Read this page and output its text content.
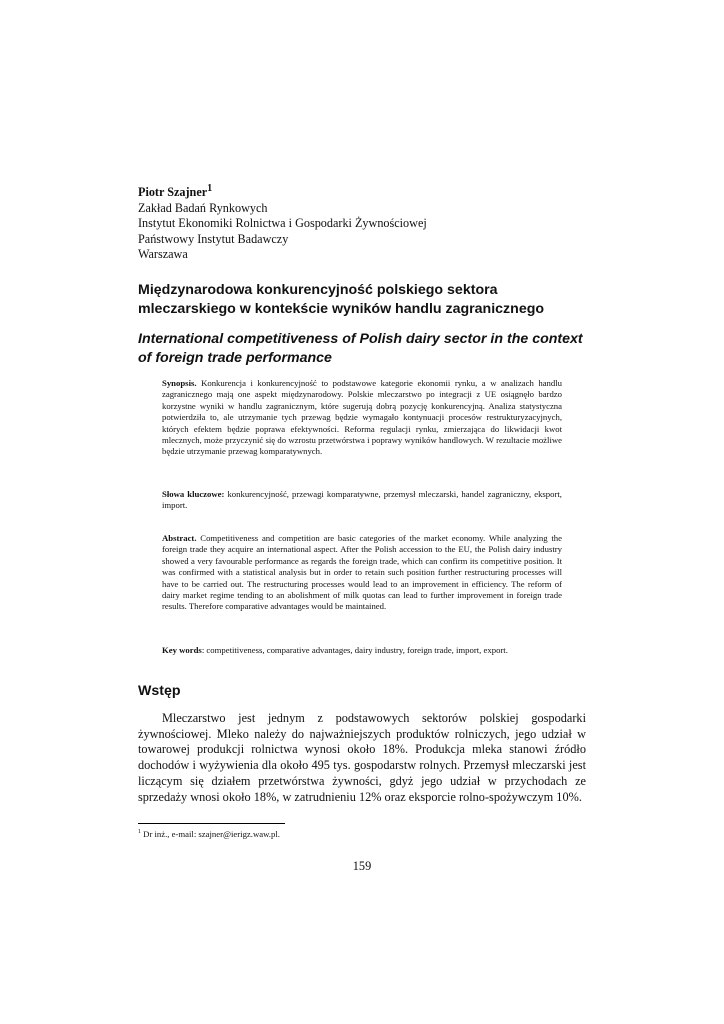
Piotr Szajner$^1$
Zakład Badań Rynkowych
Instytut Ekonomiki Rolnictwa i Gospodarki Żywnościowej
Państwowy Instytut Badawczy
Warszawa
Międzynarodowa konkurencyjność polskiego sektora mleczarskiego w kontekście wyników handlu zagranicznego
International competitiveness of Polish dairy sector in the context of foreign trade performance
Synopsis. Konkurencja i konkurencyjność to podstawowe kategorie ekonomii rynku, a w analizach handlu zagranicznego mają one aspekt międzynarodowy. Polskie mleczarstwo po integracji z UE osiągnęło bardzo korzystne wyniki w handlu zagranicznym, które sugerują dobrą pozycję konkurencyjną. Analiza statystyczna potwierdziła to, ale utrzymanie tych przewag będzie wymagało kontynuacji procesów restrukturyzacyjnych, których efektem będzie poprawa efektywności. Reforma regulacji rynku, zmierzająca do likwidacji kwot mlecznych, może przyczynić się do wzrostu przetwórstwa i poprawy wyników handlowych. W rezultacie możliwe będzie utrzymanie przewag komparatywnych.
Słowa kluczowe: konkurencyjność, przewagi komparatywne, przemysł mleczarski, handel zagraniczny, eksport, import.
Abstract. Competitiveness and competition are basic categories of the market economy. While analyzing the foreign trade they acquire an international aspect. After the Polish accession to the EU, the Polish dairy industry showed a very favourable performance as regards the foreign trade, which can confirm its competitive position. It was confirmed with a statistical analysis but in order to retain such position further restructuring processes will have to be carried out. The restructuring processes would lead to an improvement in efficiency. The reform of dairy market regime tending to an abolishment of milk quotas can lead to further improvement in foreign trade results. Therefore comparative advantages would be maintained.
Key words: competitiveness, comparative advantages, dairy industry, foreign trade, import, export.
Wstęp
Mleczarstwo jest jednym z podstawowych sektorów polskiej gospodarki żywnościowej. Mleko należy do najważniejszych produktów rolniczych, jego udział w towarowej produkcji rolnictwa wynosi około 18%. Produkcja mleka stanowi źródło dochodów i wyżywienia dla około 495 tys. gospodarstw rolnych. Przemysł mleczarski jest liczącym się działem przetwórstwa żywności, gdyż jego udział w przychodach ze sprzedaży wnosi około 18%, w zatrudnieniu 12% oraz eksporcie rolno-spożywczym 10%.
$^1$ Dr inż., e-mail: szajner@ierigz.waw.pl.
159
